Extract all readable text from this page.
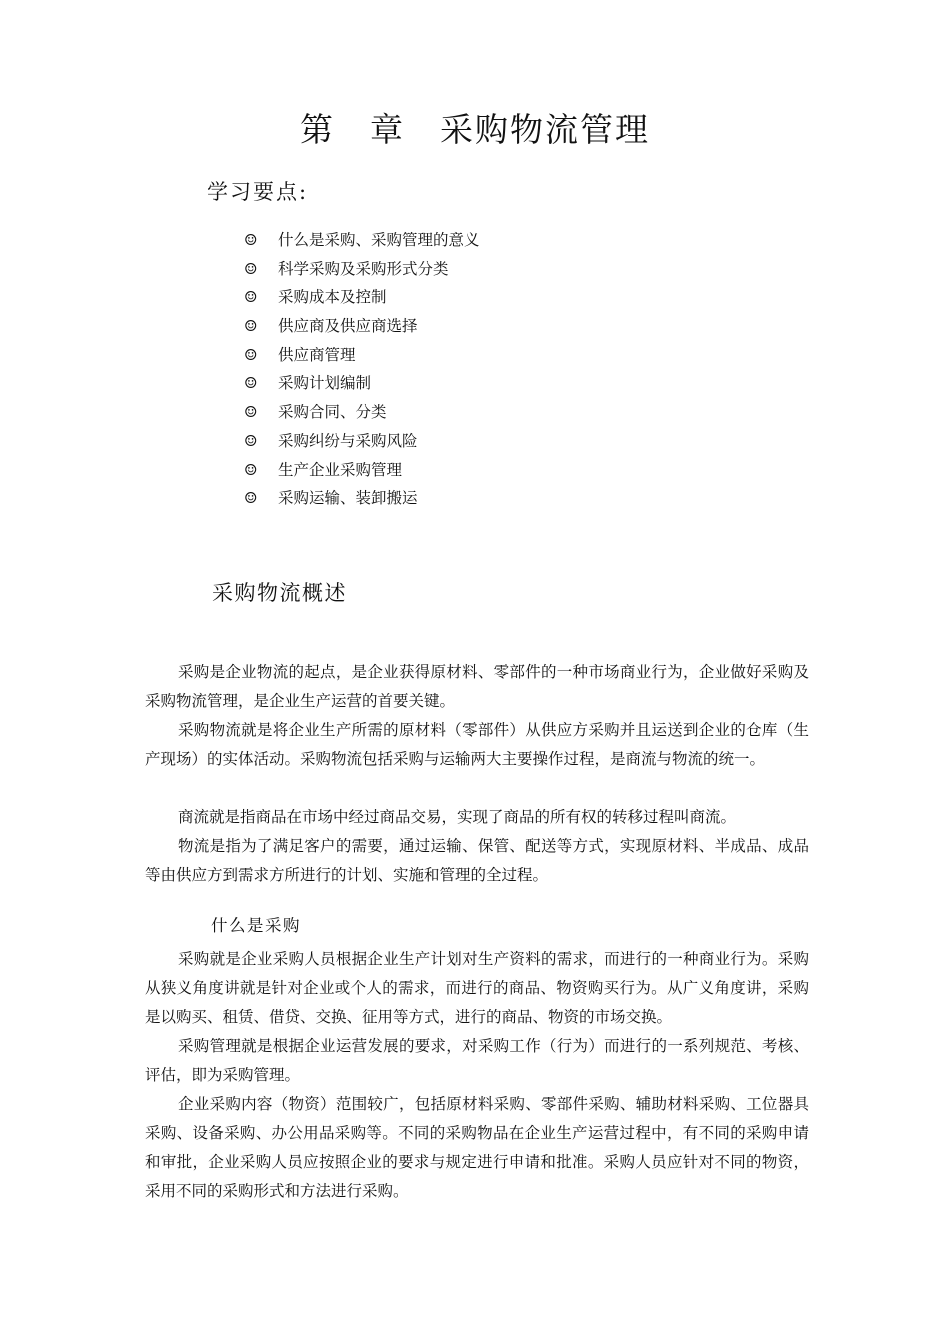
第　章　采购物流管理
学习要点:
☺ 什么是采购、采购管理的意义
☺ 科学采购及采购形式分类
☺ 采购成本及控制
☺ 供应商及供应商选择
☺ 供应商管理
☺ 采购计划编制
☺ 采购合同、分类
☺ 采购纠纷与采购风险
☺ 生产企业采购管理
☺ 采购运输、装卸搬运
采购物流概述

采购是企业物流的起点，是企业获得原材料、零部件的一种市场商业行为，企业做好采购及采购物流管理，是企业生产运营的首要关键。

采购物流就是将企业生产所需的原材料（零部件）从供应方采购并且运送到企业的仓库（生产现场）的实体活动。采购物流包括采购与运输两大主要操作过程，是商流与物流的统一。

商流就是指商品在市场中经过商品交易，实现了商品的所有权的转移过程叫商流。

物流是指为了满足客户的需要，通过运输、保管、配送等方式，实现原材料、半成品、成品等由供应方到需求方所进行的计划、实施和管理的全过程。

什么是采购

采购就是企业采购人员根据企业生产计划对生产资料的需求，而进行的一种商业行为。采购从狭义角度讲就是针对企业或个人的需求，而进行的商品、物资购买行为。从广义角度讲，采购是以购买、租赁、借贷、交换、征用等方式，进行的商品、物资的市场交换。

采购管理就是根据企业运营发展的要求，对采购工作（行为）而进行的一系列规范、考核、评估，即为采购管理。

企业采购内容（物资）范围较广，包括原材料采购、零部件采购、辅助材料采购、工位器具采购、设备采购、办公用品采购等。不同的采购物品在企业生产运营过程中，有不同的采购申请和审批，企业采购人员应按照企业的要求与规定进行申请和批准。采购人员应针对不同的物资，采用不同的采购形式和方法进行采购。
